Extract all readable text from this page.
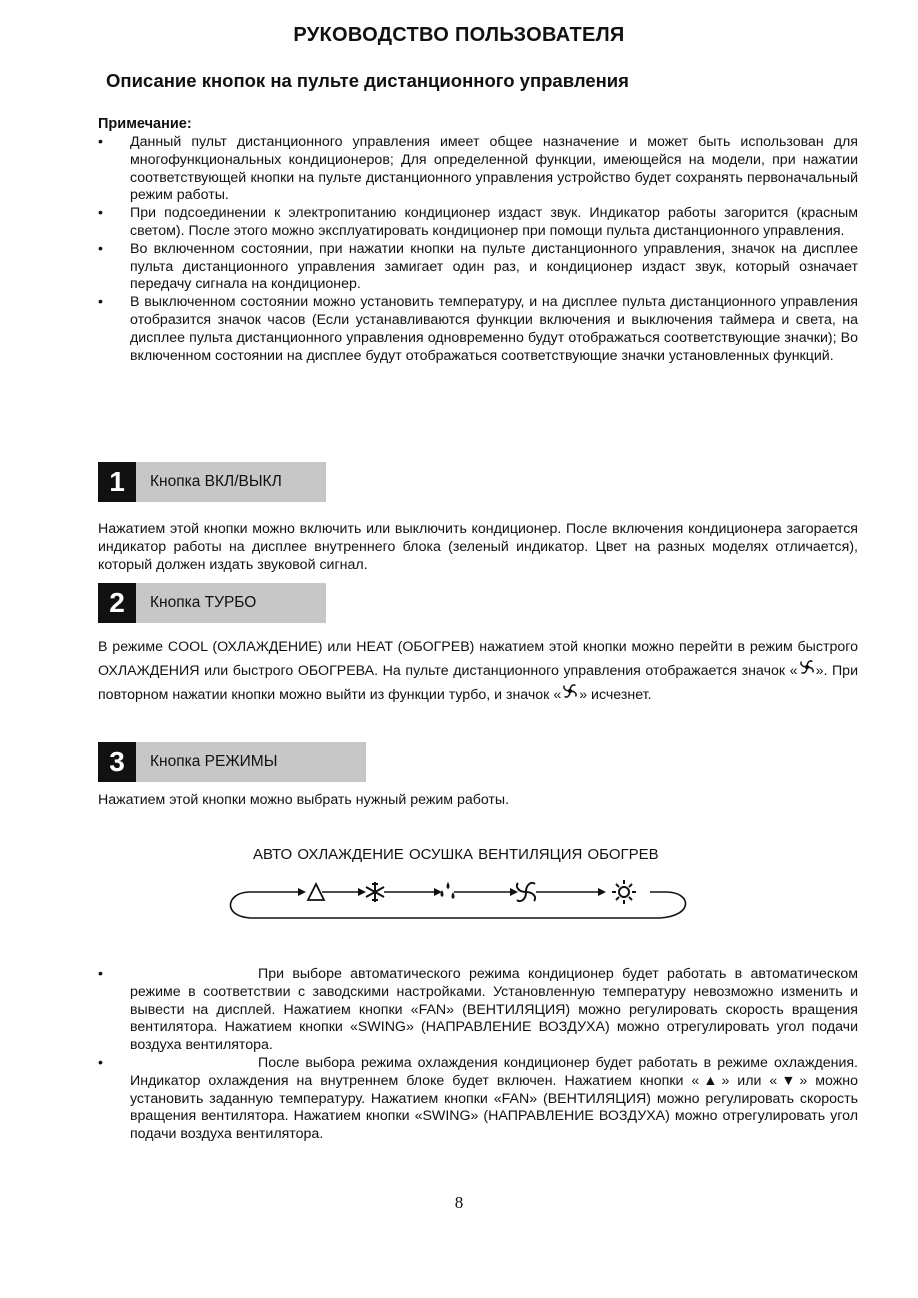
РУКОВОДСТВО ПОЛЬЗОВАТЕЛЯ
Описание кнопок на пульте дистанционного управления
Примечание:
•	Данный пульт дистанционного управления имеет общее назначение и может быть использован для многофункциональных кондиционеров; Для определенной функции, имеющейся на модели, при нажатии соответствующей кнопки на пульте дистанционного управления устройство будет сохранять первоначальный режим работы.
•	При подсоединении к электропитанию кондиционер издаст звук. Индикатор работы загорится (красным светом). После этого можно эксплуатировать кондиционер при помощи пульта дистанционного управления.
•	Во включенном состоянии, при нажатии кнопки на пульте дистанционного управления, значок на дисплее пульта дистанционного управления замигает один раз, и кондиционер издаст звук, который означает передачу сигнала на кондиционер.
•	В выключенном состоянии можно установить температуру, и на дисплее пульта дистанционного управления отобразится значок часов (Если устанавливаются функции включения и выключения таймера и света, на дисплее пульта дистанционного управления одновременно будут отображаться соответствующие значки); Во включенном состоянии на дисплее будут отображаться соответствующие значки установленных функций.
1	Кнопка ВКЛ/ВЫКЛ
Нажатием этой кнопки можно включить или выключить кондиционер. После включения кондиционера загорается индикатор работы на дисплее внутреннего блока (зеленый индикатор. Цвет на разных моделях отличается), который должен издать звуковой сигнал.
2	Кнопка ТУРБО
В режиме COOL (ОХЛАЖДЕНИЕ) или HEAT (ОБОГРЕВ) нажатием этой кнопки можно перейти в режим быстрого ОХЛАЖДЕНИЯ или быстрого ОБОГРЕВА. На пульте дистанционного управления отображается значок « ». При повторном нажатии кнопки можно выйти из функции турбо, и значок « » исчезнет.
3	Кнопка РЕЖИМЫ
Нажатием этой кнопки можно выбрать нужный режим работы.
АВТО ОХЛАЖДЕНИЕ ОСУШКА ВЕНТИЛЯЦИЯ ОБОГРЕВ
•	При выборе автоматического режима кондиционер будет работать в автоматическом режиме в соответствии с заводскими настройками. Установленную температуру невозможно изменить и вывести на дисплей. Нажатием кнопки «FAN» (ВЕНТИЛЯЦИЯ) можно регулировать скорость вращения вентилятора. Нажатием кнопки «SWING» (НАПРАВЛЕНИЕ ВОЗДУХА) можно отрегулировать угол подачи воздуха вентилятора.
•	После выбора режима охлаждения кондиционер будет работать в режиме охлаждения. Индикатор охлаждения на внутреннем блоке будет включен. Нажатием кнопки «▲» или «▼» можно установить заданную температуру. Нажатием кнопки «FAN» (ВЕНТИЛЯЦИЯ) можно регулировать скорость вращения вентилятора. Нажатием кнопки «SWING» (НАПРАВЛЕНИЕ ВОЗДУХА) можно отрегулировать угол подачи воздуха вентилятора.
8
